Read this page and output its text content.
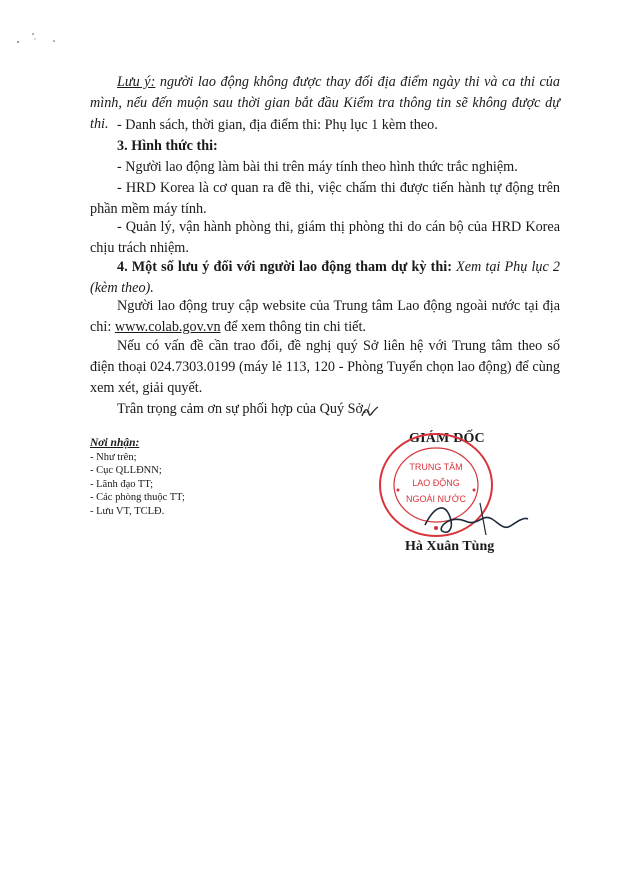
Lưu ý: người lao động không được thay đổi địa điểm ngày thi và ca thi của mình, nếu đến muộn sau thời gian bắt đầu Kiểm tra thông tin sẽ không được dự thi. - Danh sách, thời gian, địa điểm thi: Phụ lục 1 kèm theo.

3. Hình thức thi:

- Người lao động làm bài thi trên máy tính theo hình thức trắc nghiệm.

- HRD Korea là cơ quan ra đề thi, việc chấm thi được tiến hành tự động trên phần mềm máy tính.

- Quản lý, vận hành phòng thi, giám thị phòng thi do cán bộ của HRD Korea chịu trách nhiệm.

4. Một số lưu ý đối với người lao động tham dự kỳ thi: Xem tại Phụ lục 2 (kèm theo).

Người lao động truy cập website của Trung tâm Lao động ngoài nước tại địa chỉ: www.colab.gov.vn để xem thông tin chi tiết.

Nếu có vấn đề cần trao đổi, đề nghị quý Sở liên hệ với Trung tâm theo số điện thoại 024.7303.0199 (máy lẻ 113, 120 - Phòng Tuyển chọn lao động) để cùng xem xét, giải quyết.

Trân trọng cảm ơn sự phối hợp của Quý Sở./

Nơi nhận:
- Như trên;
- Cục QLLĐNN;
- Lãnh đạo TT;
- Các phòng thuộc TT;
- Lưu VT, TCLĐ.
GIÁM ĐỐC
TRUNG TÂM
LAO ĐỘNG
NGOÀI NƯỚC
Hà Xuân Tùng
